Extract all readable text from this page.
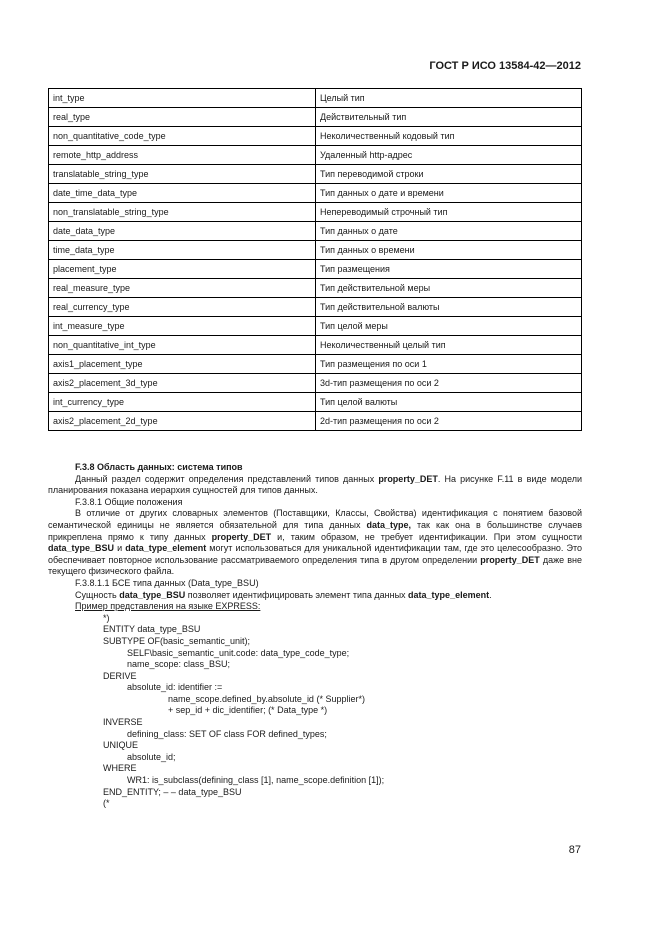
ГОСТ Р ИСО 13584-42—2012
int_type	Целый тип
real_type	Действительный тип
non_quantitative_code_type	Неколичественный кодовый тип
remote_http_address	Удаленный http-адрес
translatable_string_type	Тип переводимой строки
date_time_data_type	Тип данных о дате и времени
non_translatable_string_type	Непереводимый строчный тип
date_data_type	Тип данных о дате
time_data_type	Тип данных о времени
placement_type	Тип размещения
real_measure_type	Тип действительной меры
real_currency_type	Тип действительной валюты
int_measure_type	Тип целой меры
non_quantitative_int_type	Неколичественный целый тип
axis1_placement_type	Тип размещения по оси 1
axis2_placement_3d_type	3d-тип размещения по оси 2
int_currency_type	Тип целой валюты
axis2_placement_2d_type	2d-тип размещения по оси 2

F.3.8 Область данных: система типов

Данный раздел содержит определения представлений типов данных property_DET. На рисунке F.11 в виде модели планирования показана иерархия сущностей для типов данных.

F.3.8.1 Общие положения

В отличие от других словарных элементов (Поставщики, Классы, Свойства) идентификация с понятием базовой семантической единицы не является обязательной для типа данных data_type, так как она в большинстве случаев прикреплена прямо к типу данных property_DET и, таким образом, не требует идентификации. При этом сущности data_type_BSU и data_type_element могут использоваться для уникальной идентификации там, где это целесообразно. Это обеспечивает повторное использование рассматриваемого определения типа в другом определении property_DET даже вне текущего физического файла.

F.3.8.1.1 БСЕ типа данных (Data_type_BSU)

Сущность data_type_BSU позволяет идентифицировать элемент типа данных data_type_element.

Пример представления на языке EXPRESS:

*)
ENTITY data_type_BSU
SUBTYPE OF(basic_semantic_unit);
SELF\basic_semantic_unit.code: data_type_code_type;
name_scope: class_BSU;
DERIVE
absolute_id: identifier :=
name_scope.defined_by.absolute_id (* Supplier*)
+ sep_id + dic_identifier; (* Data_type *)
INVERSE
defining_class: SET OF class FOR defined_types;
UNIQUE
absolute_id;
WHERE
WR1: is_subclass(defining_class [1], name_scope.definition [1]);
END_ENTITY; – – data_type_BSU
(*
87
